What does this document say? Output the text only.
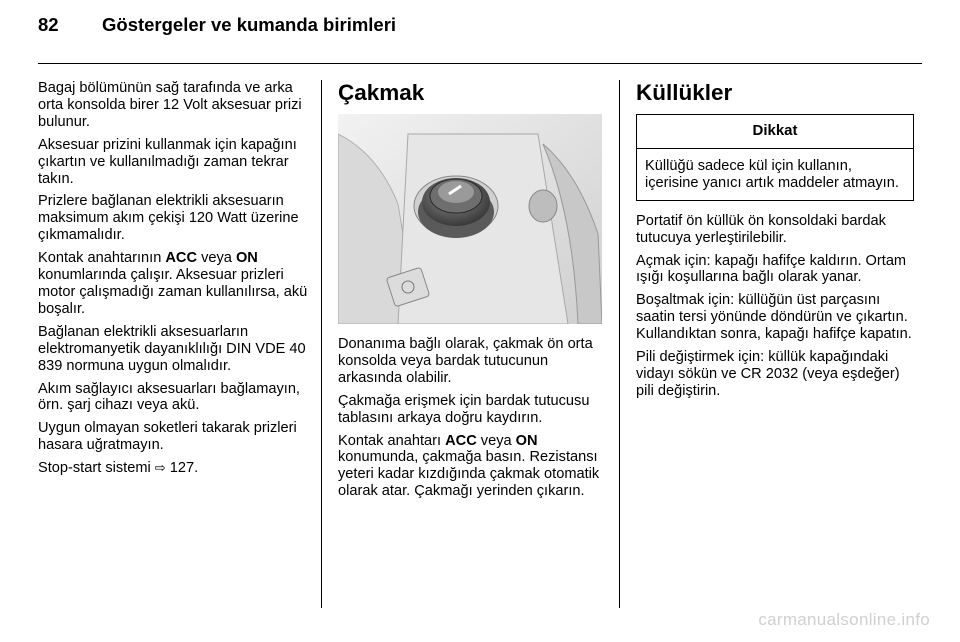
82 Göstergeler ve kumanda birimleri

Bagaj bölümünün sağ tarafında ve arka orta konsolda birer 12 Volt aksesuar prizi bulunur.

Aksesuar prizini kullanmak için kapağını çıkartın ve kullanılmadığı zaman tekrar takın.

Prizlere bağlanan elektrikli aksesuarın maksimum akım çekişi 120 Watt üzerine çıkmamalıdır.

Kontak anahtarının ACC veya ON konumlarında çalışır. Aksesuar prizleri motor çalışmadığı zaman kullanılırsa, akü boşalır.

Bağlanan elektrikli aksesuarların elektromanyetik dayanıklılığı DIN VDE 40 839 normuna uygun olmalıdır.

Akım sağlayıcı aksesuarları bağlamayın, örn. şarj cihazı veya akü.

Uygun olmayan soketleri takarak prizleri hasara uğratmayın.

Stop-start sistemi ⇨ 127.

Çakmak

Donanıma bağlı olarak, çakmak ön orta konsolda veya bardak tutucunun arkasında olabilir.

Çakmağa erişmek için bardak tutucusu tablasını arkaya doğru kaydırın.

Kontak anahtarı ACC veya ON konumunda, çakmağa basın. Rezistansı yeteri kadar kızdığında çakmak otomatik olarak atar. Çakmağı yerinden çıkarın.

Küllükler
Dikkat
Küllüğü sadece kül için kullanın, içerisine yanıcı artık maddeler atmayın.

Portatif ön küllük ön konsoldaki bardak tutucuya yerleştirilebilir.

Açmak için: kapağı hafifçe kaldırın. Ortam ışığı koşullarına bağlı olarak yanar.

Boşaltmak için: küllüğün üst parçasını saatin tersi yönünde döndürün ve çıkartın. Kullandıktan sonra, kapağı hafifçe kapatın.

Pili değiştirmek için: küllük kapağındaki vidayı sökün ve CR 2032 (veya eşdeğer) pili değiştirin.

carmanualsonline.info
